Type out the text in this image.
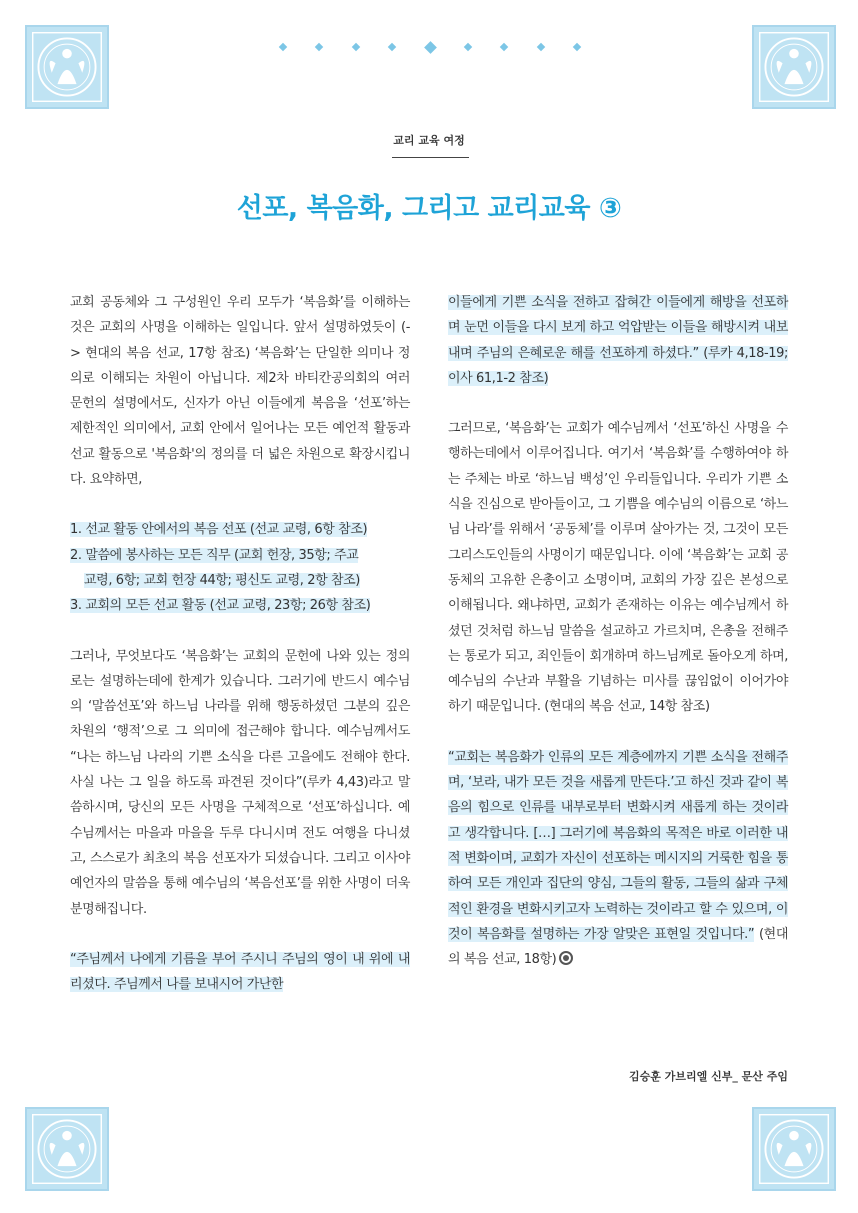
교리 교육 여정
선포, 복음화, 그리고 교리교육 ③

교회 공동체와 그 구성원인 우리 모두가 ‘복음화’를 이해하는 것은 교회의 사명을 이해하는 일입니다. 앞서 설명하였듯이 (-> 현대의 복음 선교, 17항 참조) ‘복음화’는 단일한 의미나 정의로 이해되는 차원이 아닙니다. 제2차 바티칸공의회의 여러 문헌의 설명에서도, 신자가 아닌 이들에게 복음을 ‘선포’하는 제한적인 의미에서, 교회 안에서 일어나는 모든 예언적 활동과 선교 활동으로 '복음화'의 정의를 더 넓은 차원으로 확장시킵니다. 요약하면,

1. 선교 활동 안에서의 복음 선포 (선교 교령, 6항 참조)
2. 말씀에 봉사하는 모든 직무 (교회 헌장, 35항; 주교
교령, 6항; 교회 헌장 44항; 평신도 교령, 2항 참조)
3. 교회의 모든 선교 활동 (선교 교령, 23항; 26항 참조)

그러나, 무엇보다도 ‘복음화’는 교회의 문헌에 나와 있는 정의로는 설명하는데에 한계가 있습니다. 그러기에 반드시 예수님의 ‘말씀선포’와 하느님 나라를 위해 행동하셨던 그분의 깊은 차원의 ‘행적’으로 그 의미에 접근해야 합니다. 예수님께서도 “나는 하느님 나라의 기쁜 소식을 다른 고을에도 전해야 한다. 사실 나는 그 일을 하도록 파견된 것이다”(루카 4,43)라고 말씀하시며, 당신의 모든 사명을 구체적으로 ‘선포’하십니다. 예수님께서는 마을과 마을을 두루 다니시며 전도 여행을 다니셨고, 스스로가 최초의 복음 선포자가 되셨습니다. 그리고 이사야 예언자의 말씀을 통해 예수님의 ‘복음선포’를 위한 사명이 더욱 분명해집니다.

“주님께서 나에게 기름을 부어 주시니 주님의 영이 내 위에 내리셨다. 주님께서 나를 보내시어 가난한

이들에게 기쁜 소식을 전하고 잡혀간 이들에게 해방을 선포하며 눈먼 이들을 다시 보게 하고 억압받는 이들을 해방시켜 내보내며 주님의 은혜로운 해를 선포하게 하셨다.” (루카 4,18-19; 이사 61,1-2 참조)

그러므로, ‘복음화’는 교회가 예수님께서 ‘선포’하신 사명을 수행하는데에서 이루어집니다. 여기서 ‘복음화’를 수행하여야 하는 주체는 바로 ‘하느님 백성’인 우리들입니다. 우리가 기쁜 소식을 진심으로 받아들이고, 그 기쁨을 예수님의 이름으로 ‘하느님 나라’를 위해서 ‘공동체’를 이루며 살아가는 것, 그것이 모든 그리스도인들의 사명이기 때문입니다. 이에 ‘복음화’는 교회 공동체의 고유한 은총이고 소명이며, 교회의 가장 깊은 본성으로 이해됩니다. 왜냐하면, 교회가 존재하는 이유는 예수님께서 하셨던 것처럼 하느님 말씀을 설교하고 가르치며, 은총을 전해주는 통로가 되고, 죄인들이 회개하며 하느님께로 돌아오게 하며, 예수님의 수난과 부활을 기념하는 미사를 끊임없이 이어가야 하기 때문입니다. (현대의 복음 선교, 14항 참조)

“교회는 복음화가 인류의 모든 계층에까지 기쁜 소식을 전해주며, ‘보라, 내가 모든 것을 새롭게 만든다.’고 하신 것과 같이 복음의 힘으로 인류를 내부로부터 변화시켜 새롭게 하는 것이라고 생각합니다. […] 그러기에 복음화의 목적은 바로 이러한 내적 변화이며, 교회가 자신이 선포하는 메시지의 거룩한 힘을 통하여 모든 개인과 집단의 양심, 그들의 활동, 그들의 삶과 구체적인 환경을 변화시키고자 노력하는 것이라고 할 수 있으며, 이것이 복음화를 설명하는 가장 알맞은 표현일 것입니다.” (현대의 복음 선교, 18항)

김승훈 가브리엘 신부_ 문산 주임
